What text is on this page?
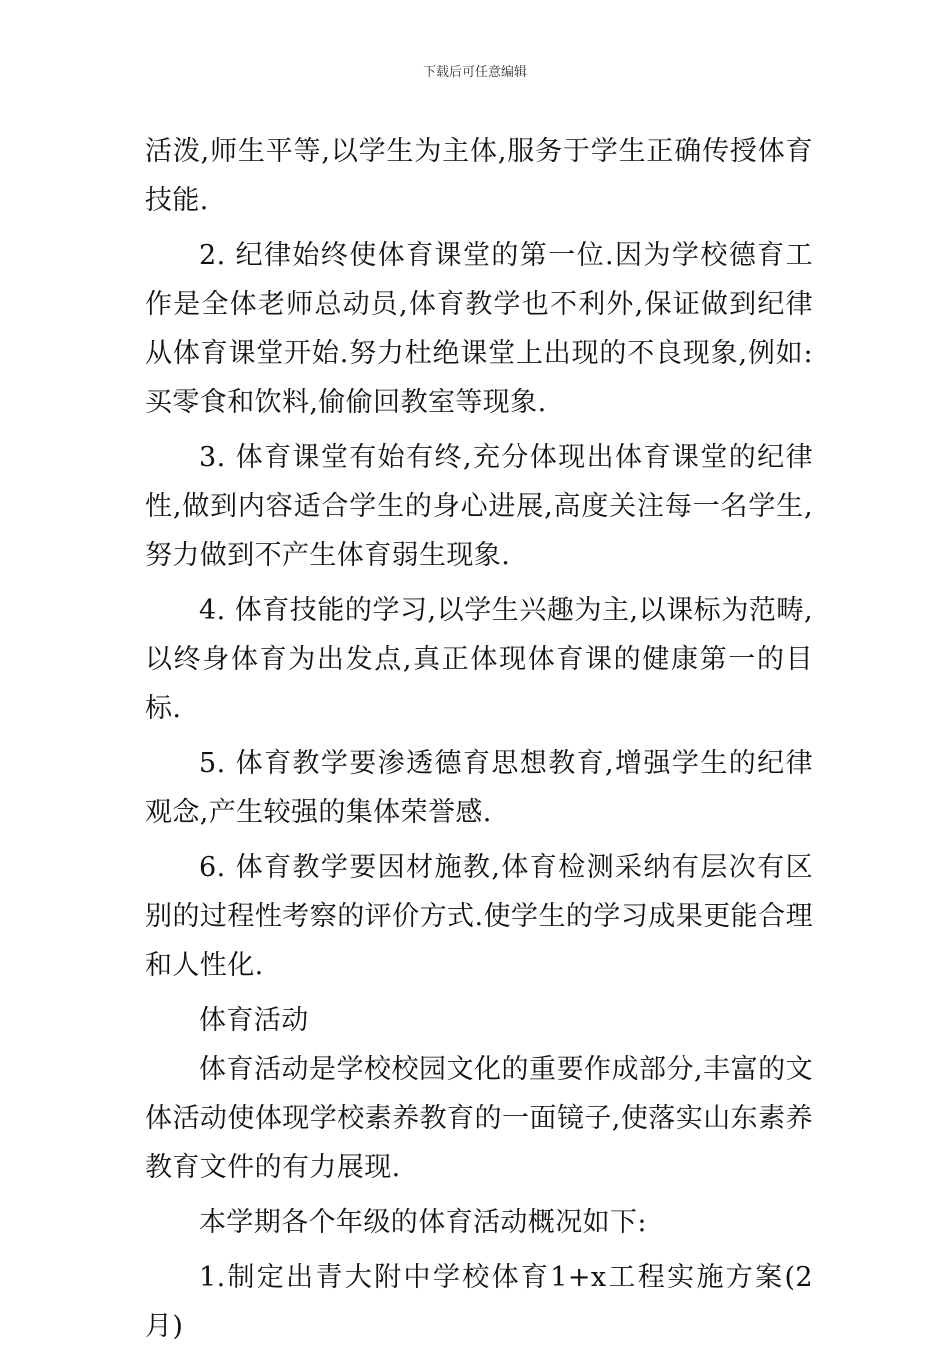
下载后可任意编辑

活泼,师生平等,以学生为主体,服务于学生正确传授体育技能.

2. 纪律始终使体育课堂的第一位.因为学校德育工作是全体老师总动员,体育教学也不利外,保证做到纪律从体育课堂开始.努力杜绝课堂上出现的不良现象,例如:买零食和饮料,偷偷回教室等现象.

3. 体育课堂有始有终,充分体现出体育课堂的纪律性,做到内容适合学生的身心进展,高度关注每一名学生,努力做到不产生体育弱生现象.

4. 体育技能的学习,以学生兴趣为主,以课标为范畴,以终身体育为出发点,真正体现体育课的健康第一的目标.

5. 体育教学要渗透德育思想教育,增强学生的纪律观念,产生较强的集体荣誉感.

6. 体育教学要因材施教,体育检测采纳有层次有区别的过程性考察的评价方式.使学生的学习成果更能合理和人性化.

体育活动

体育活动是学校校园文化的重要作成部分,丰富的文体活动使体现学校素养教育的一面镜子,使落实山东素养教育文件的有力展现.

本学期各个年级的体育活动概况如下:

1.制定出青大附中学校体育1+x工程实施方案(2月)
